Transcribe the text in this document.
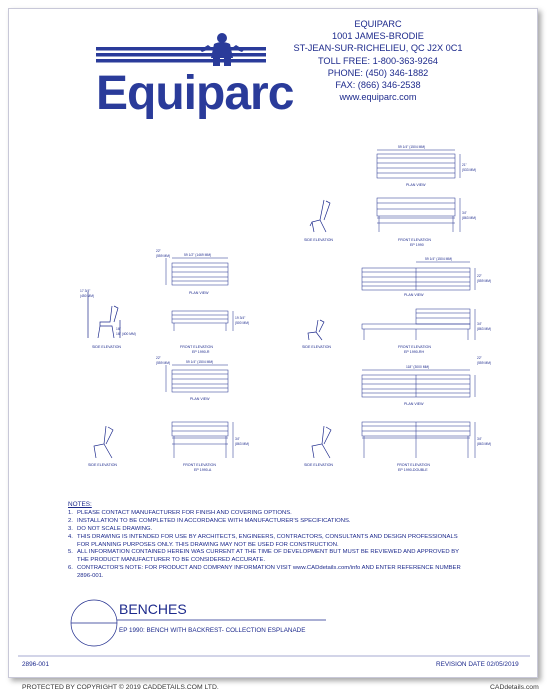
EQUIPARC
1001 JAMES-BRODIE
ST-JEAN-SUR-RICHELIEU, QC J2X 0C1
TOLL FREE: 1-800-363-9264
PHONE: (450) 346-1882
FAX: (866) 346-2538
www.equiparc.com
Equiparc
PLAN VIEW
FRONT ELEVATION
EP 1990
SIDE ELEVATION
PLAN VIEW
FRONT ELEVATION
EP 1990-R
SIDE ELEVATION
PLAN VIEW
FRONT ELEVATION
EP 1990-RH
SIDE ELEVATION
PLAN VIEW
FRONT ELEVATION
EP 1990-A
SIDE ELEVATION
PLAN VIEW
FRONT ELEVATION
EP 1990-DOUBLE
SIDE ELEVATION
59 1/4" (1504 MM)
21"
(533 MM)
34"
(863 MM)
59 1/2" (1469 MM)
22"
(559 MM)
19 3/4"
(500 MM)
17 3/4"
(450 MM)
16"
16" (400 MM)
59 1/4" (1504 MM)
22"
(559 MM)
34"
(863 MM)
59 1/4" (1504 MM)
22"
(559 MM)
34"
(863 MM)
118" (3000 MM)
22"
(559 MM)
34"
(863 MM)
NOTES:
1. PLEASE CONTACT MANUFACTURER FOR FINISH AND COVERING OPTIONS.
2. INSTALLATION TO BE COMPLETED IN ACCORDANCE WITH MANUFACTURER'S SPECIFICATIONS.
3. DO NOT SCALE DRAWING.
4. THIS DRAWING IS INTENDED FOR USE BY ARCHITECTS, ENGINEERS, CONTRACTORS, CONSULTANTS AND DESIGN PROFESSIONALS FOR PLANNING PURPOSES ONLY. THIS DRAWING MAY NOT BE USED FOR CONSTRUCTION.
5. ALL INFORMATION CONTAINED HEREIN WAS CURRENT AT THE TIME OF DEVELOPMENT BUT MUST BE REVIEWED AND APPROVED BY THE PRODUCT MANUFACTURER TO BE CONSIDERED ACCURATE.
6. CONTRACTOR'S NOTE: FOR PRODUCT AND COMPANY INFORMATION VISIT www.CADdetails.com/info AND ENTER REFERENCE NUMBER 2896-001.
BENCHES
EP 1990: BENCH WITH BACKREST- COLLECTION ESPLANADE
2896-001	REVISION DATE 02/05/2019
PROTECTED BY COPYRIGHT © 2019 CADDETAILS.COM LTD.	CADdetails.com
